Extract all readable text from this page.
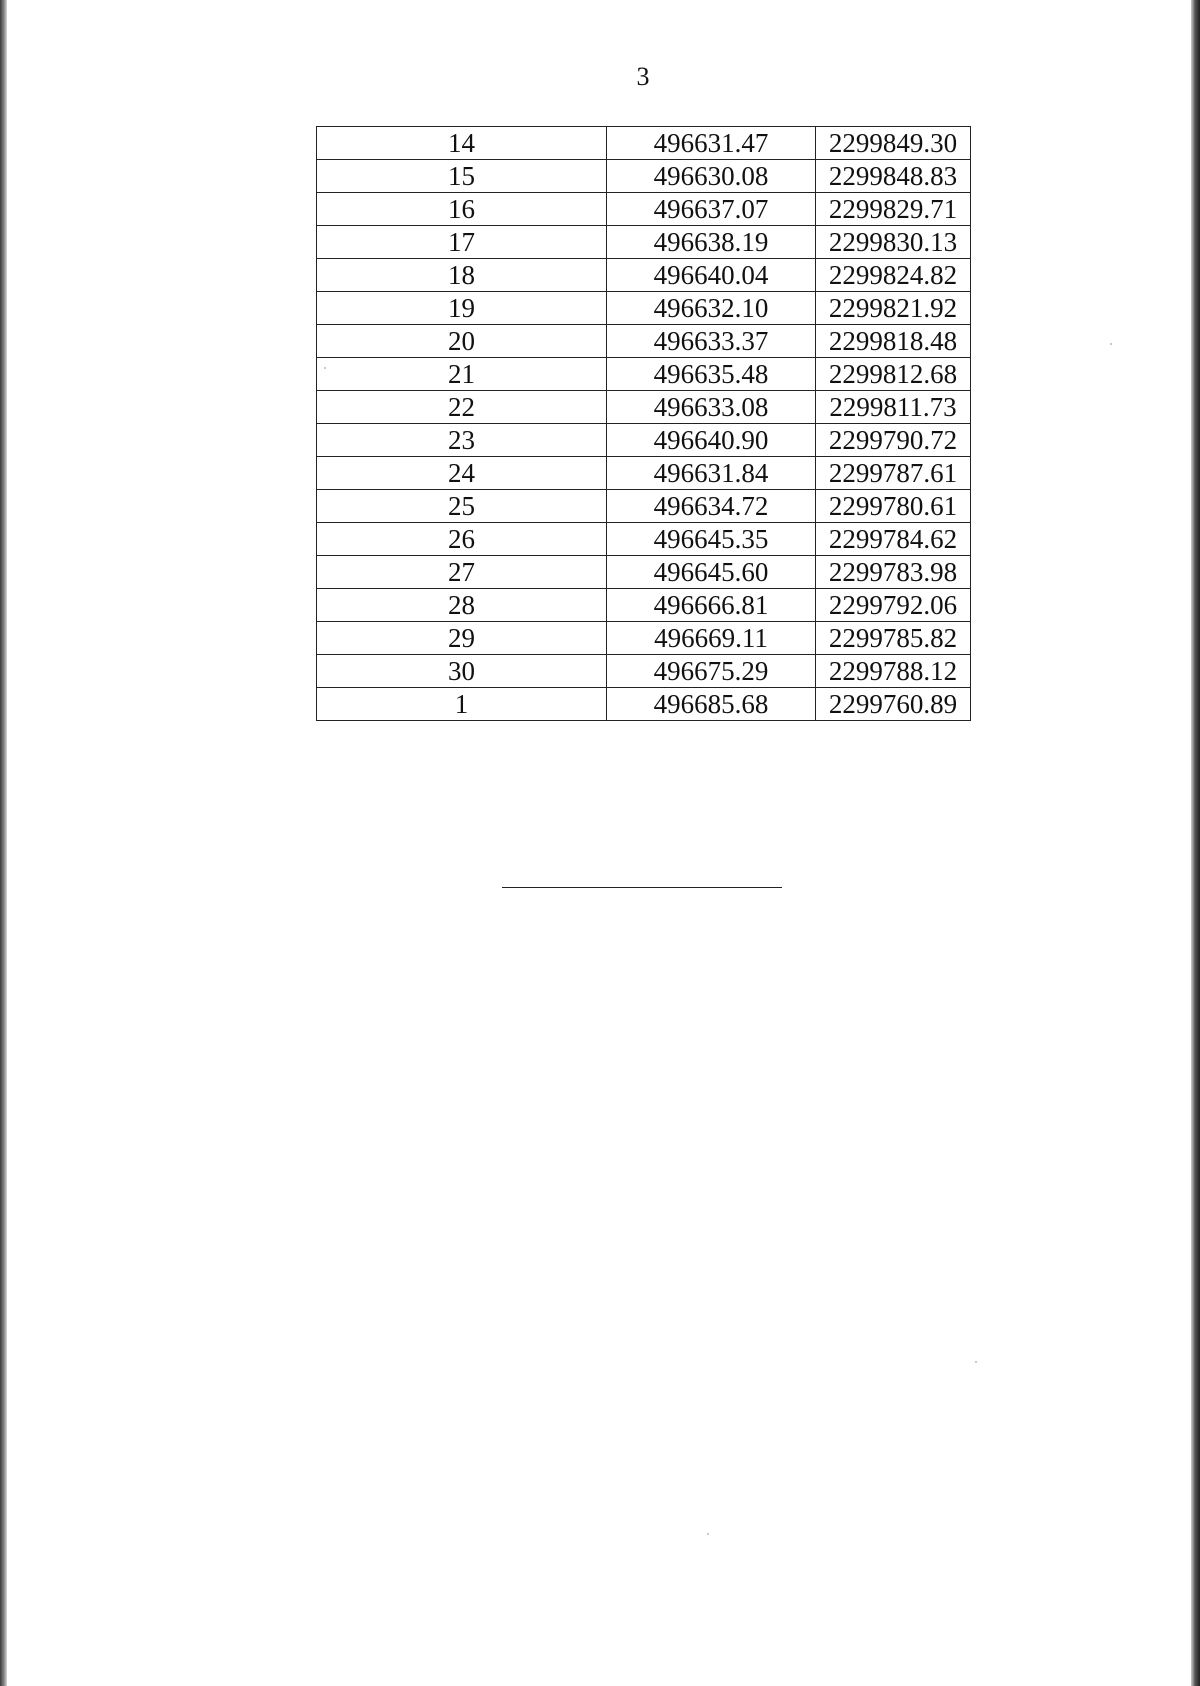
3
14	496631.47	2299849.30
15	496630.08	2299848.83
16	496637.07	2299829.71
17	496638.19	2299830.13
18	496640.04	2299824.82
19	496632.10	2299821.92
20	496633.37	2299818.48
21	496635.48	2299812.68
22	496633.08	2299811.73
23	496640.90	2299790.72
24	496631.84	2299787.61
25	496634.72	2299780.61
26	496645.35	2299784.62
27	496645.60	2299783.98
28	496666.81	2299792.06
29	496669.11	2299785.82
30	496675.29	2299788.12
1	496685.68	2299760.89
